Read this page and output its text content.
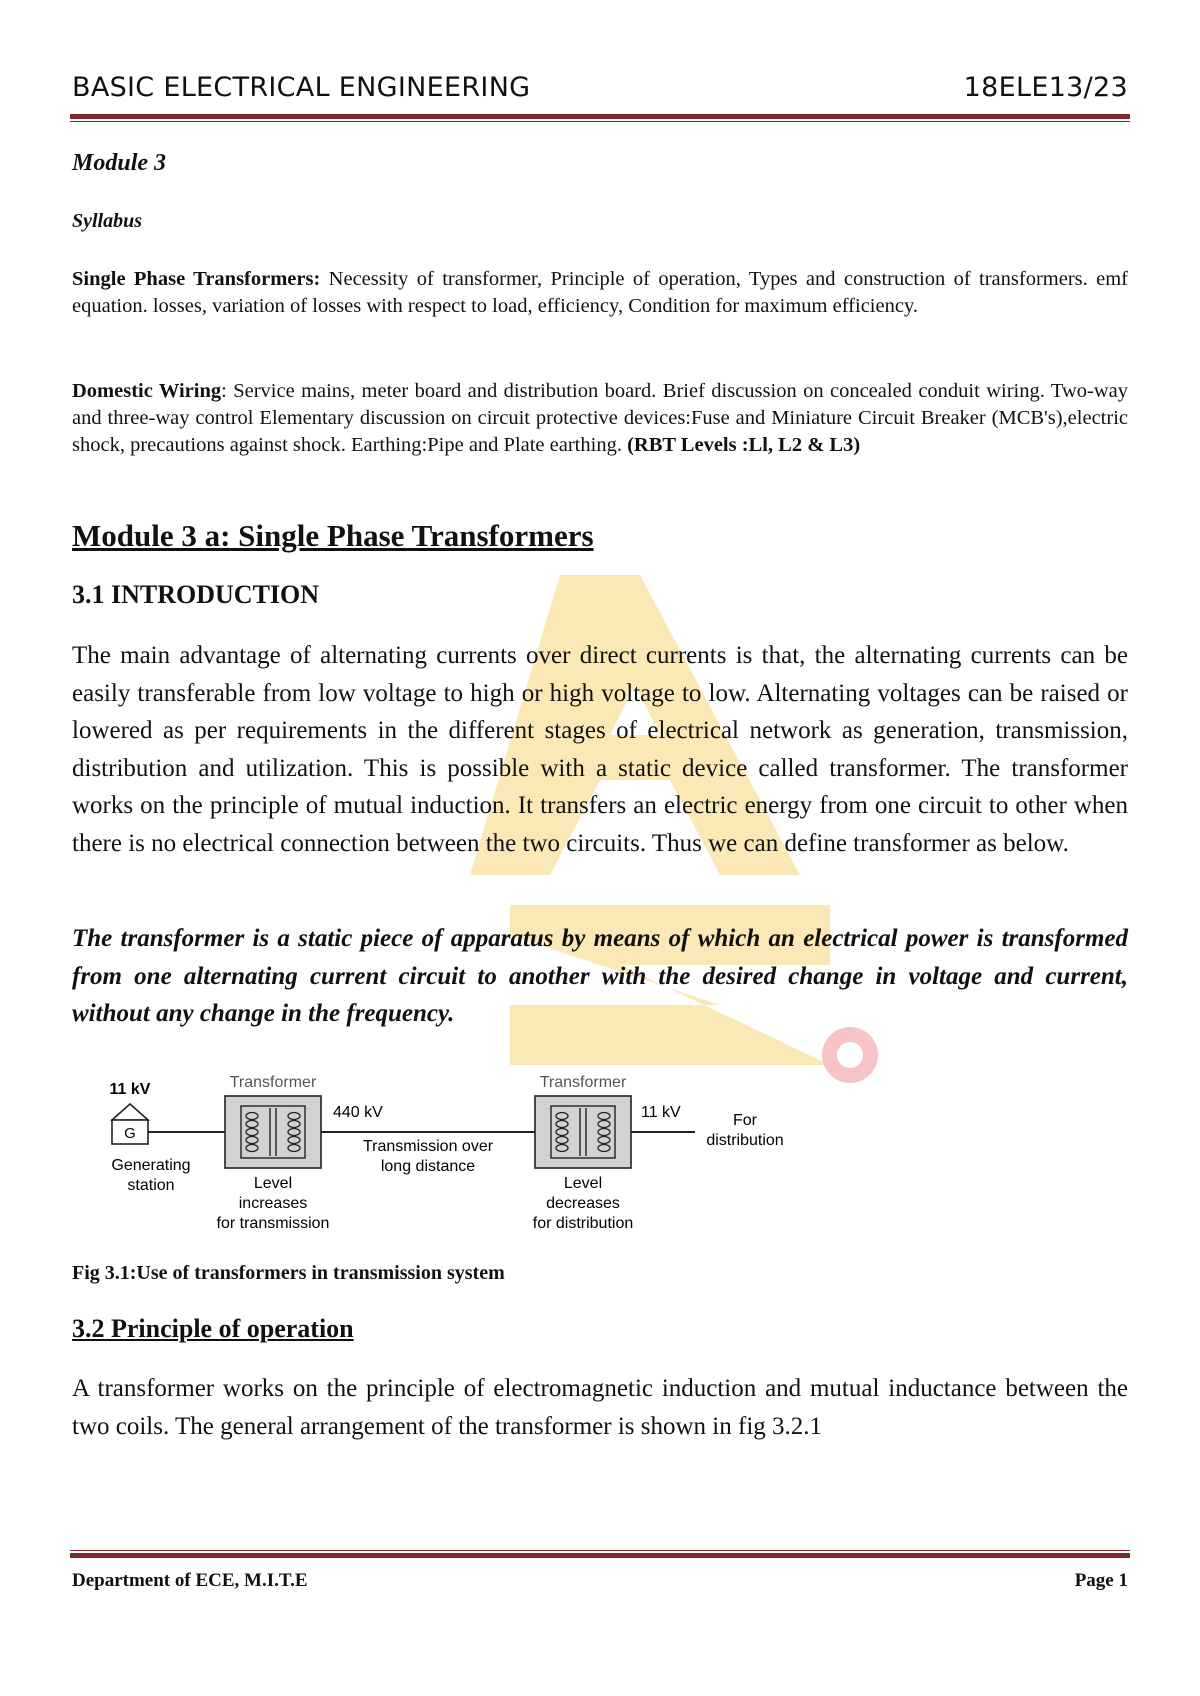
BASIC ELECTRICAL ENGINEERING	18ELE13/23
Module 3
Syllabus
Single Phase Transformers: Necessity of transformer, Principle of operation, Types and construction of transformers. emf equation. losses, variation of losses with respect to load, efficiency, Condition for maximum efficiency.
Domestic Wiring: Service mains, meter board and distribution board. Brief discussion on concealed conduit wiring. Two-way and three-way control Elementary discussion on circuit protective devices:Fuse and Miniature Circuit Breaker (MCB's),electric shock, precautions against shock. Earthing:Pipe and Plate earthing. (RBT Levels :Ll, L2 & L3)
Module 3 a: Single Phase Transformers
3.1 INTRODUCTION
The main advantage of alternating currents over direct currents is that, the alternating currents can be easily transferable from low voltage to high or high voltage to low. Alternating voltages can be raised or lowered as per requirements in the different stages of electrical network as generation, transmission, distribution and utilization. This is possible with a static device called transformer. The transformer works on the principle of mutual induction. It transfers an electric energy from one circuit to other when there is no electrical connection between the two circuits. Thus we can define transformer as below.
The transformer is a static piece of apparatus by means of which an electrical power is transformed from one alternating current circuit to another with the desired change in voltage and current, without any change in the frequency.
11 kV
G
Generating
station
Transformer
Level
increases
for transmission
440 kV
Transmission over
long distance
Transformer
Level
decreases
for distribution
11 kV	For
distribution
Fig 3.1:Use of transformers in transmission system
3.2 Principle of operation
A transformer works on the principle of electromagnetic induction and mutual inductance between the two coils. The general arrangement of the transformer is shown in fig 3.2.1
Department of ECE, M.I.T.E	Page 1
